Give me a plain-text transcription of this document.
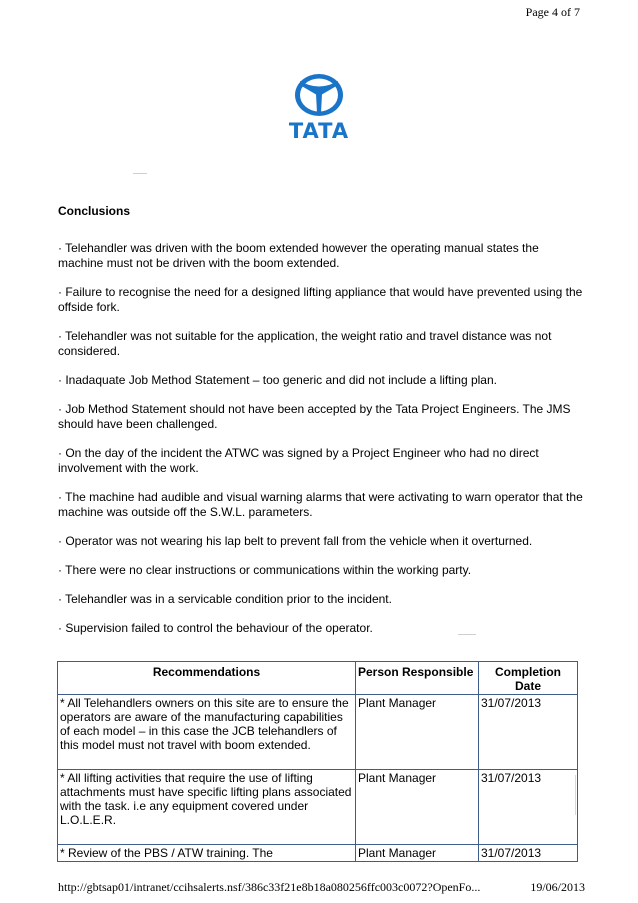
Page 4 of 7
TATA
Conclusions

· Telehandler was driven with the boom extended however the operating manual states the machine must not be driven with the boom extended.

· Failure to recognise the need for a designed lifting appliance that would have prevented using the offside fork.

· Telehandler was not suitable for the application, the weight ratio and travel distance was not considered.

· Inadaquate Job Method Statement – too generic and did not include a lifting plan.

· Job Method Statement should not have been accepted by the Tata Project Engineers. The JMS should have been challenged.

· On the day of the incident the ATWC was signed by a Project Engineer who had no direct involvement with the work.

· The machine had audible and visual warning alarms that were activating to warn operator that the machine was outside off the S.W.L. parameters.

· Operator was not wearing his lap belt to prevent fall from the vehicle when it overturned.

· There were no clear instructions or communications within the working party.

· Telehandler was in a servicable condition prior to the incident.

· Supervision failed to control the behaviour of the operator.

Recommendations	Person Responsible	Completion Date
* All Telehandlers owners on this site are to ensure the operators are aware of the manufacturing capabilities of each model – in this case the JCB telehandlers of this model must not travel with boom extended.	Plant Manager	31/07/2013
* All lifting activities that require the use of lifting attachments must have specific lifting plans associated with the task. i.e any equipment covered under L.O.L.E.R.	Plant Manager	31/07/2013
* Review of the PBS / ATW training. The	Plant Manager	31/07/2013
http://gbtsap01/intranet/ccihsalerts.nsf/386c33f21e8b18a080256ffc003c0072?OpenFo...	19/06/2013
